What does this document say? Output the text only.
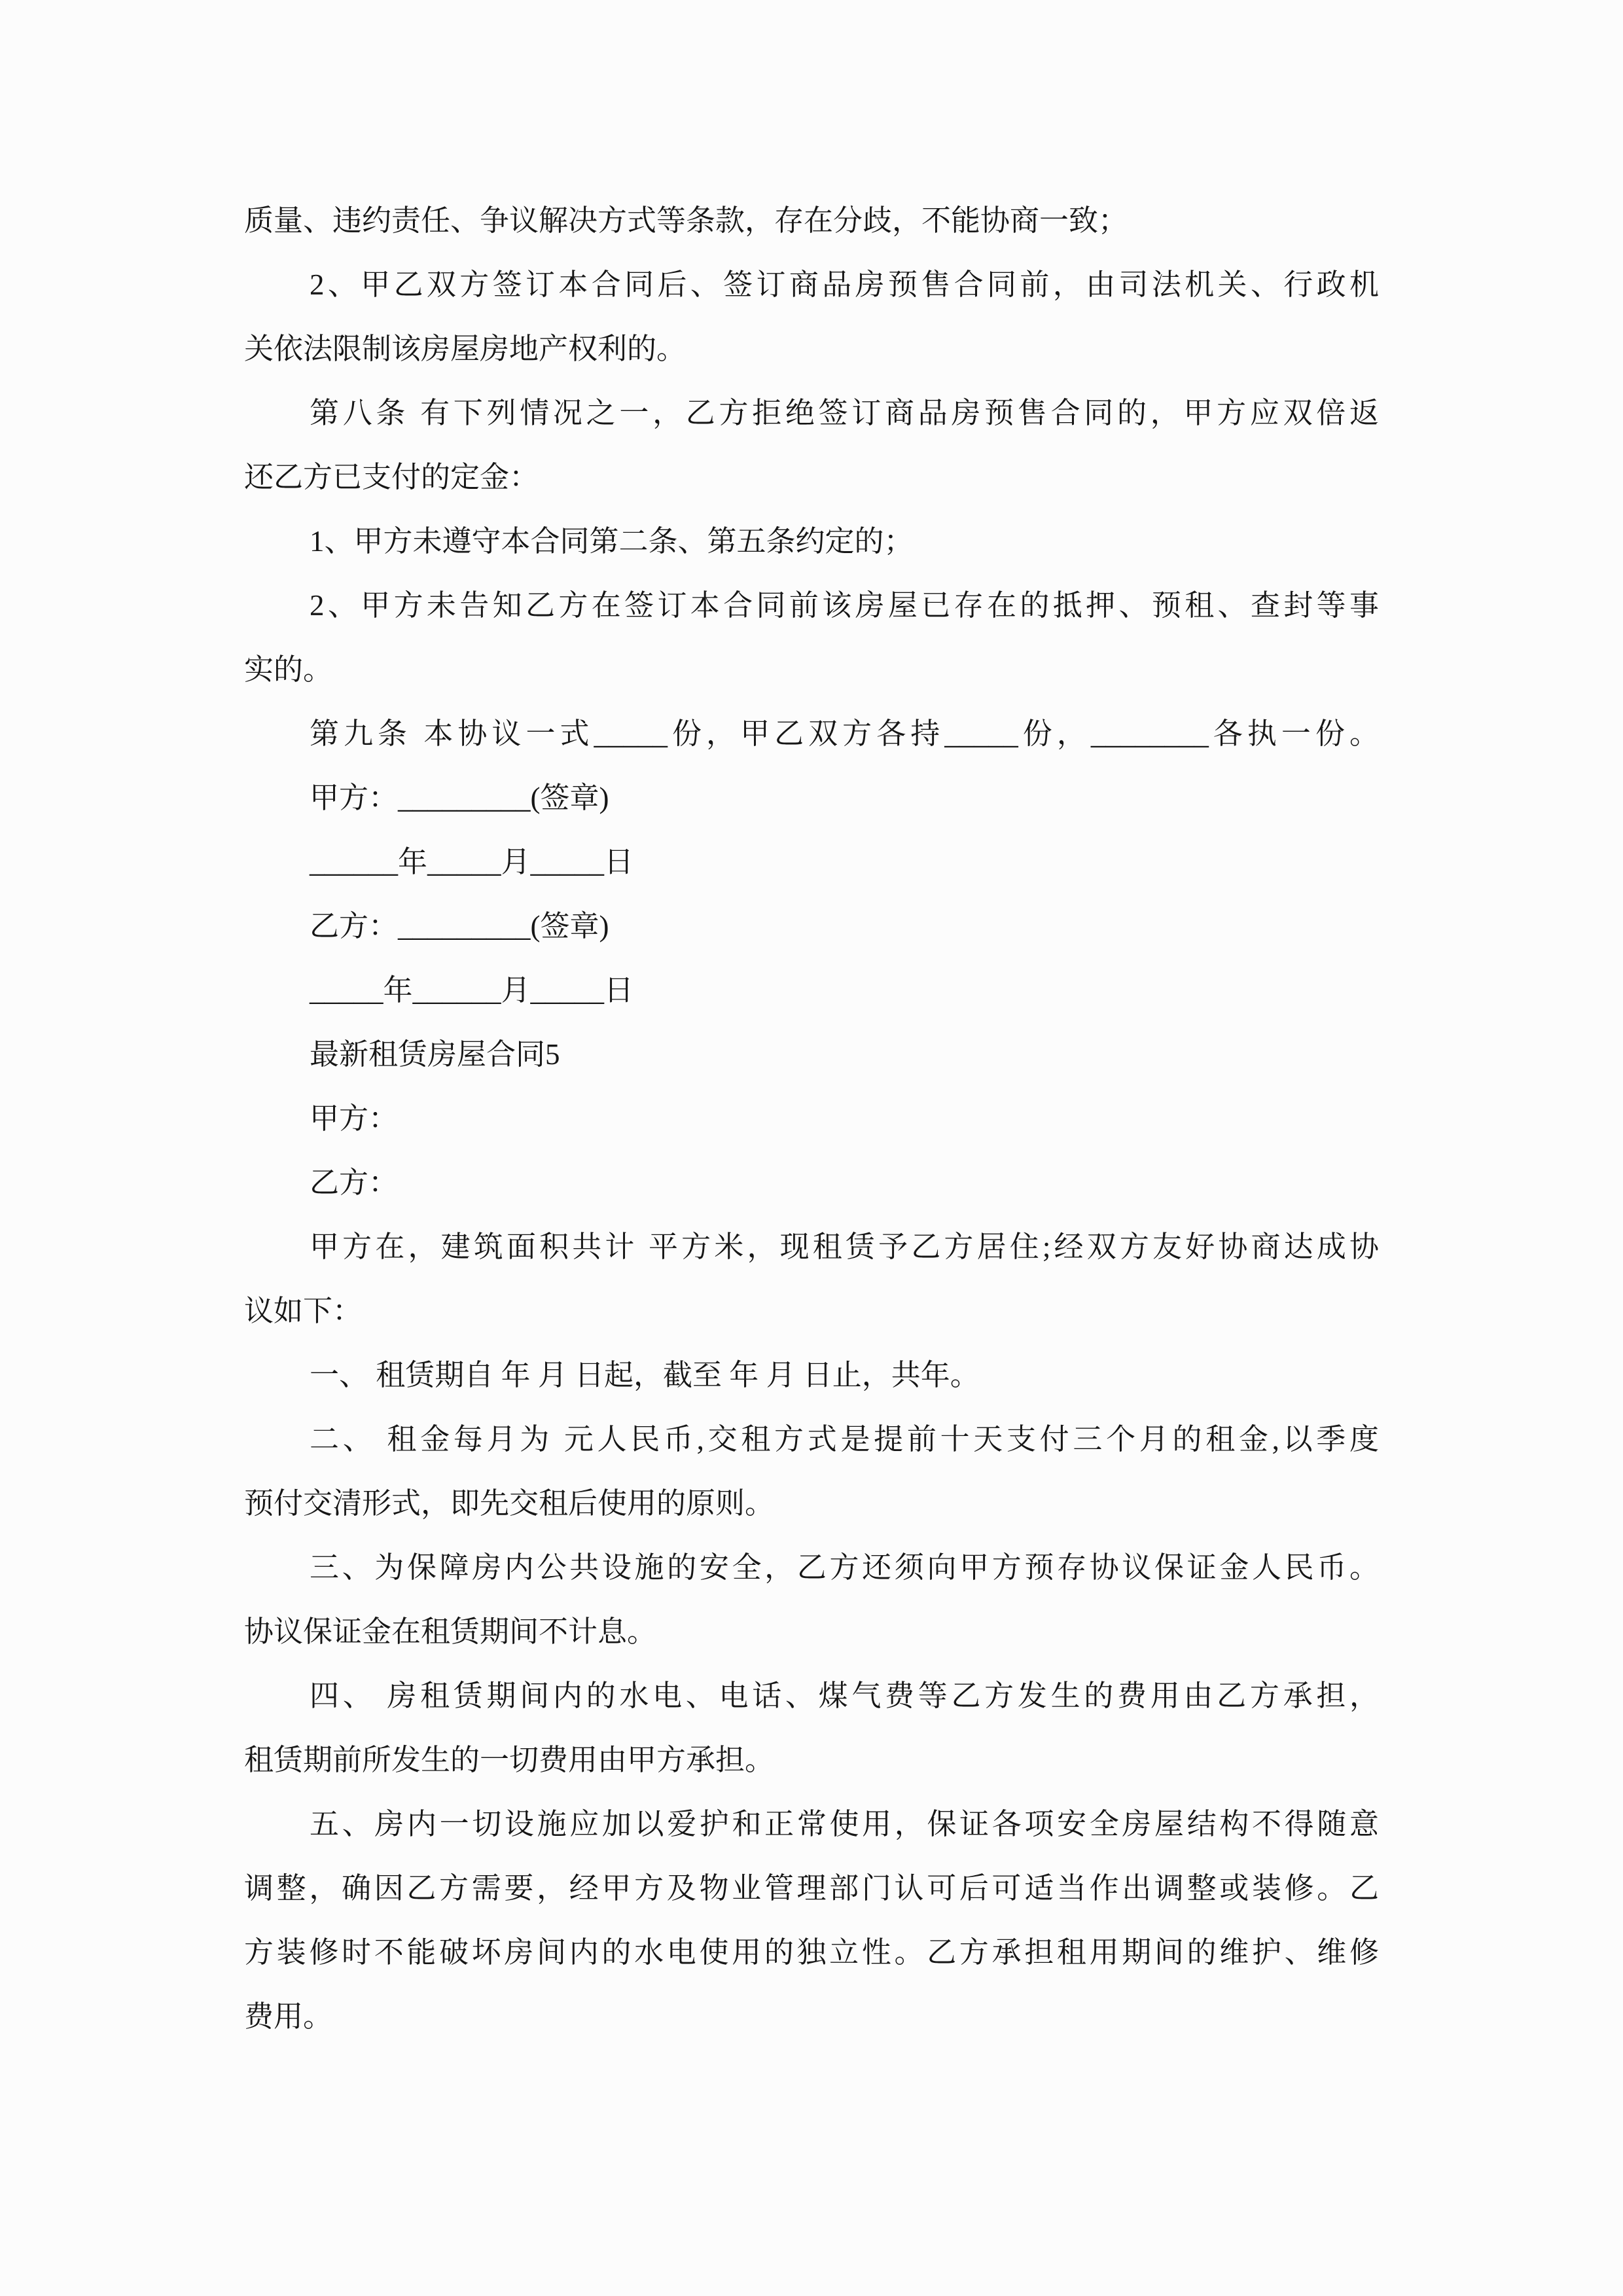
质量、违约责任、争议解决方式等条款，存在分歧，不能协商一致；
2、甲乙双方签订本合同后、签订商品房预售合同前，由司法机关、行政机
关依法限制该房屋房地产权利的。
第八条 有下列情况之一，乙方拒绝签订商品房预售合同的，甲方应双倍返
还乙方已支付的定金：
1、甲方未遵守本合同第二条、第五条约定的；
2、甲方未告知乙方在签订本合同前该房屋已存在的抵押、预租、查封等事
实的。
第九条 本协议一式_____份，甲乙双方各持_____份，________各执一份。
甲方：_________(签章)
______年_____月_____日
乙方：_________(签章)
_____年______月_____日
最新租赁房屋合同5
甲方：
乙方：
甲方在，建筑面积共计 平方米，现租赁予乙方居住;经双方友好协商达成协
议如下：
一、 租赁期自 年 月 日起，截至 年 月 日止，共年。
二、 租金每月为 元人民币,交租方式是提前十天支付三个月的租金,以季度
预付交清形式，即先交租后使用的原则。
三、为保障房内公共设施的安全，乙方还须向甲方预存协议保证金人民币。
协议保证金在租赁期间不计息。
四、 房租赁期间内的水电、电话、煤气费等乙方发生的费用由乙方承担，
租赁期前所发生的一切费用由甲方承担。
五、房内一切设施应加以爱护和正常使用，保证各项安全房屋结构不得随意
调整，确因乙方需要，经甲方及物业管理部门认可后可适当作出调整或装修。乙
方装修时不能破坏房间内的水电使用的独立性。乙方承担租用期间的维护、维修
费用。
